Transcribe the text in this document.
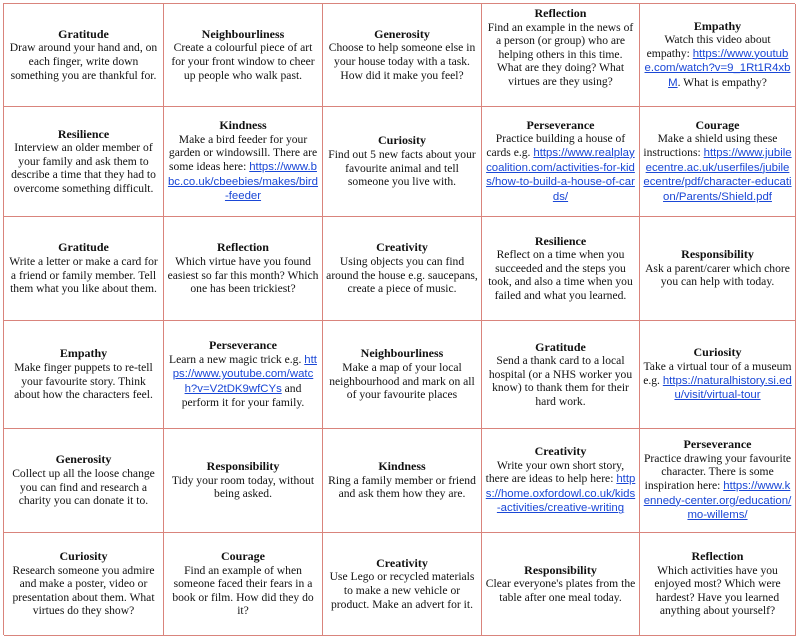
Gratitude
Draw around your hand and, on each finger, write down something you are thankful for.
Neighbourliness
Create a colourful piece of art for your front window to cheer up people who walk past.
Generosity
Choose to help someone else in your house today with a task. How did it make you feel?
Reflection
Find an example in the news of a person (or group) who are helping others in this time. What are they doing? What virtues are they using?
Empathy
Watch this video about empathy: https://www.youtube.com/watch?v=9_1Rt1R4xbM. What is empathy?
Resilience
Interview an older member of your family and ask them to describe a time that they had to overcome something difficult.
Kindness
Make a bird feeder for your garden or windowsill. There are some ideas here: https://www.bbc.co.uk/cbeebies/makes/bird-feeder
Curiosity
Find out 5 new facts about your favourite animal and tell someone you live with.
Perseverance
Practice building a house of cards e.g. https://www.realplaycoalition.com/activities-for-kids/how-to-build-a-house-of-cards/
Courage
Make a shield using these instructions: https://www.jubileecentre.ac.uk/userfiles/jubileecentre/pdf/character-education/Parents/Shield.pdf
Gratitude
Write a letter or make a card for a friend or family member. Tell them what you like about them.
Reflection
Which virtue have you found easiest so far this month? Which one has been trickiest?
Creativity
Using objects you can find around the house e.g. saucepans, create a piece of music.
Resilience
Reflect on a time when you succeeded and the steps you took, and also a time when you failed and what you learned.
Responsibility
Ask a parent/carer which chore you can help with today.
Empathy
Make finger puppets to re-tell your favourite story. Think about how the characters feel.
Perseverance
Learn a new magic trick e.g. https://www.youtube.com/watch?v=V2tDK9wfCYs and perform it for your family.
Neighbourliness
Make a map of your local neighbourhood and mark on all of your favourite places
Gratitude
Send a thank card to a local hospital (or a NHS worker you know) to thank them for their hard work.
Curiosity
Take a virtual tour of a museum e.g. https://naturalhistory.si.edu/visit/virtual-tour
Generosity
Collect up all the loose change you can find and research a charity you can donate it to.
Responsibility
Tidy your room today, without being asked.
Kindness
Ring a family member or friend and ask them how they are.
Creativity
Write your own short story, there are ideas to help here: https://home.oxfordowl.co.uk/kids-activities/creative-writing
Perseverance
Practice drawing your favourite character. There is some inspiration here: https://www.kennedy-center.org/education/mo-willems/
Curiosity
Research someone you admire and make a poster, video or presentation about them. What virtues do they show?
Courage
Find an example of when someone faced their fears in a book or film. How did they do it?
Creativity
Use Lego or recycled materials to make a new vehicle or product. Make an advert for it.
Responsibility
Clear everyone's plates from the table after one meal today.
Reflection
Which activities have you enjoyed most? Which were hardest? Have you learned anything about yourself?
